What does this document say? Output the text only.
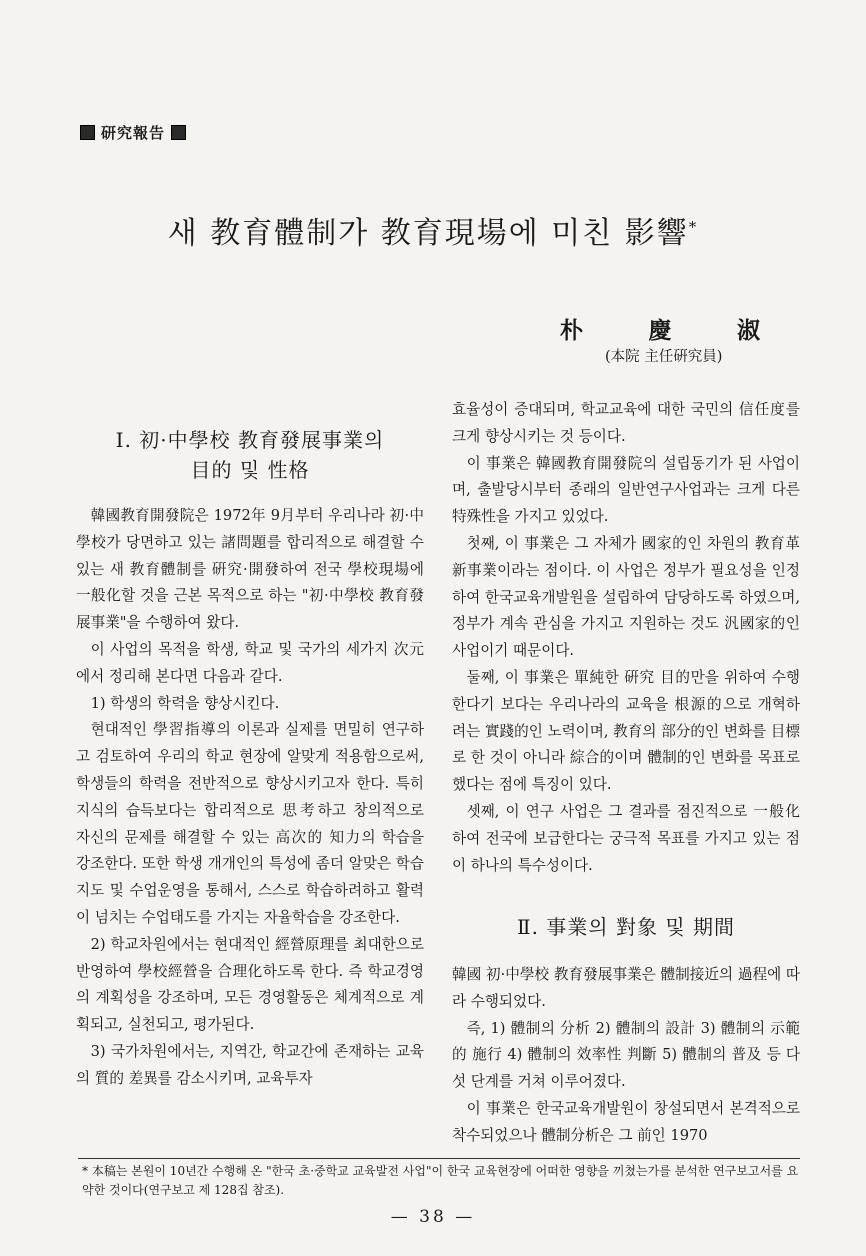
研究報告
새 教育體制가 教育現場에 미친 影響*
朴	慶	淑
(本院 主任硏究員)
Ⅰ. 初·中學校 教育發展事業의
目的 및 性格

韓國教育開發院은 1972年 9月부터 우리나라 初·中學校가 당면하고 있는 諸問題를 합리적으로 해결할 수 있는 새 教育體制를 硏究·開發하여 전국 學校現場에 一般化할 것을 근본 목적으로 하는 "初·中學校 教育發展事業"을 수행하여 왔다.

이 사업의 목적을 학생, 학교 및 국가의 세가지 次元에서 정리해 본다면 다음과 같다.

1) 학생의 학력을 향상시킨다.

현대적인 學習指導의 이론과 실제를 면밀히 연구하고 검토하여 우리의 학교 현장에 알맞게 적용함으로써, 학생들의 학력을 전반적으로 향상시키고자 한다. 특히 지식의 습득보다는 합리적으로 思考하고 창의적으로 자신의 문제를 해결할 수 있는 高次的 知力의 학습을 강조한다. 또한 학생 개개인의 특성에 좀더 알맞은 학습지도 및 수업운영을 통해서, 스스로 학습하려하고 활력이 넘치는 수업태도를 가지는 자율학습을 강조한다.

2) 학교차원에서는 현대적인 經營原理를 최대한으로 반영하여 學校經營을 合理化하도록 한다. 즉 학교경영의 계획성을 강조하며, 모든 경영활동은 체계적으로 계획되고, 실천되고, 평가된다.

3) 국가차원에서는, 지역간, 학교간에 존재하는 교육의 質的 差異를 감소시키며, 교육투자

효율성이 증대되며, 학교교육에 대한 국민의 信任度를 크게 향상시키는 것 등이다.

이 事業은 韓國教育開發院의 설립동기가 된 사업이며, 출발당시부터 종래의 일반연구사업과는 크게 다른 特殊性을 가지고 있었다.

첫째, 이 事業은 그 자체가 國家的인 차원의 教育革新事業이라는 점이다. 이 사업은 정부가 필요성을 인정하여 한국교육개발원을 설립하여 담당하도록 하였으며, 정부가 계속 관심을 가지고 지원하는 것도 汎國家的인 사업이기 때문이다.

둘째, 이 事業은 單純한 硏究 目的만을 위하여 수행한다기 보다는 우리나라의 교육을 根源的으로 개혁하려는 實踐的인 노력이며, 教育의 部分的인 변화를 目標로 한 것이 아니라 綜合的이며 體制的인 변화를 목표로 했다는 점에 특징이 있다.

셋째, 이 연구 사업은 그 결과를 점진적으로 一般化하여 전국에 보급한다는 궁극적 목표를 가지고 있는 점이 하나의 특수성이다.

Ⅱ. 事業의 對象 및 期間

韓國 初·中學校 教育發展事業은 體制接近의 過程에 따라 수행되었다.

즉, 1) 體制의 分析 2) 體制의 設計 3) 體制의 示範的 施行 4) 體制의 效率性 判斷 5) 體制의 普及 등 다섯 단계를 거쳐 이루어졌다.

이 事業은 한국교육개발원이 창설되면서 본격적으로 착수되었으나 體制分析은 그 前인 1970

* 本稿는 본원이 10년간 수행해 온 "한국 초·중학교 교육발전 사업"이 한국 교육현장에 어떠한 영향을 끼쳤는가를 분석한 연구보고서를 요약한 것이다(연구보고 제 128집 참조).
— 38 —
